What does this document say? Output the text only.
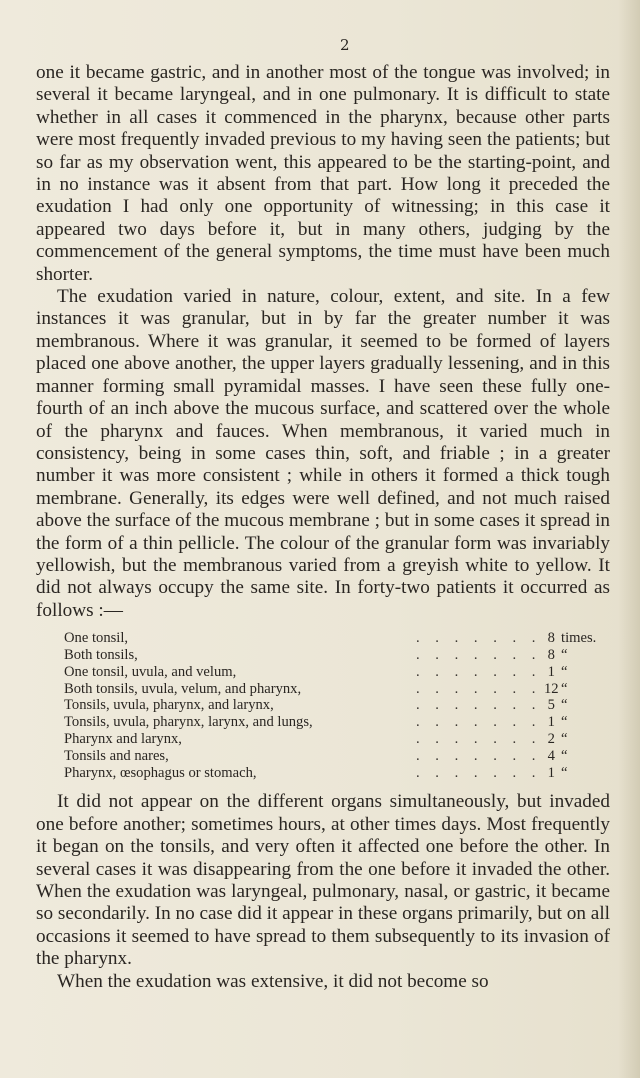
2

one it became gastric, and in another most of the tongue was involved; in several it became laryngeal, and in one pulmonary. It is difficult to state whether in all cases it commenced in the pharynx, because other parts were most frequently invaded previous to my having seen the patients; but so far as my observation went, this appeared to be the starting-point, and in no instance was it absent from that part. How long it preceded the exudation I had only one opportunity of witnessing; in this case it appeared two days before it, but in many others, judging by the commencement of the general symptoms, the time must have been much shorter.

The exudation varied in nature, colour, extent, and site. In a few instances it was granular, but in by far the greater number it was membranous. Where it was granular, it seemed to be formed of layers placed one above another, the upper layers gradually lessening, and in this manner forming small pyramidal masses. I have seen these fully one-fourth of an inch above the mucous surface, and scattered over the whole of the pharynx and fauces. When membranous, it varied much in consistency, being in some cases thin, soft, and friable ; in a greater number it was more consistent ; while in others it formed a thick tough membrane. Generally, its edges were well defined, and not much raised above the surface of the mucous membrane ; but in some cases it spread in the form of a thin pellicle. The colour of the granular form was invariably yellowish, but the membranous varied from a greyish white to yellow. It did not always occupy the same site. In forty-two patients it occurred as follows :—

One tonsil,	. . . . . . .	8	times.
Both tonsils,	. . . . . . .	8	“
One tonsil, uvula, and velum,	. . . . . . .	1	“
Both tonsils, uvula, velum, and pharynx,	. . . . . . .	12	“
Tonsils, uvula, pharynx, and larynx,	. . . . . . .	5	“
Tonsils, uvula, pharynx, larynx, and lungs,	. . . . . . .	1	“
Pharynx and larynx,	. . . . . . .	2	“
Tonsils and nares,	. . . . . . .	4	“
Pharynx, œsophagus or stomach,	. . . . . . .	1	“

It did not appear on the different organs simultaneously, but invaded one before another; sometimes hours, at other times days. Most frequently it began on the tonsils, and very often it affected one before the other. In several cases it was disappearing from the one before it invaded the other. When the exudation was laryngeal, pulmonary, nasal, or gastric, it became so secondarily. In no case did it appear in these organs primarily, but on all occasions it seemed to have spread to them subsequently to its invasion of the pharynx.

When the exudation was extensive, it did not become so
